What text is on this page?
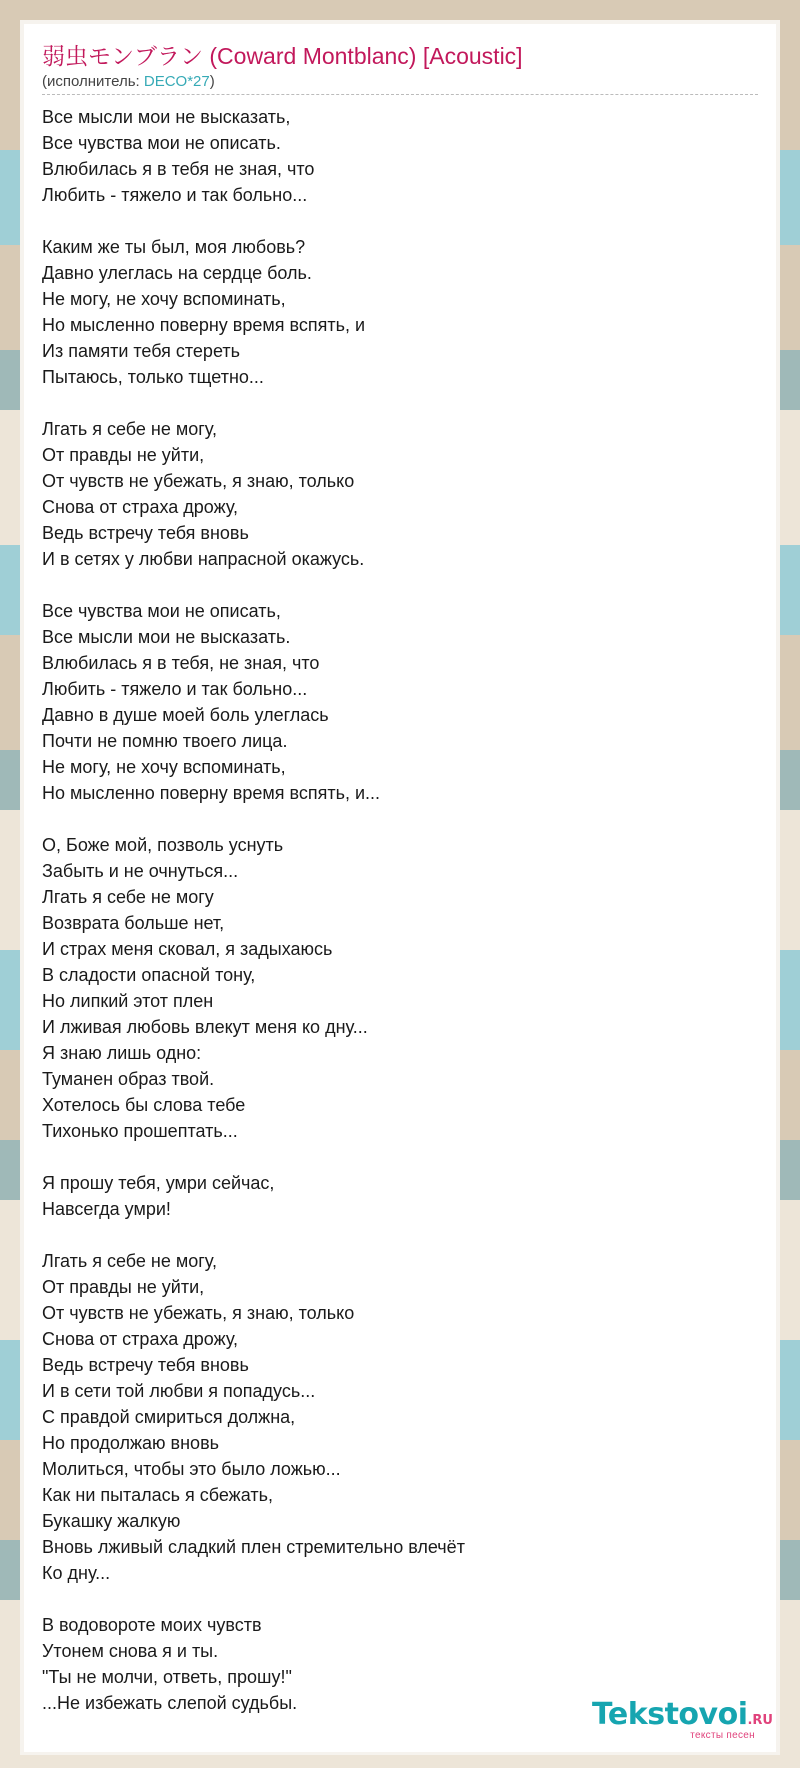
弱虫モンブラン (Coward Montblanc) [Acoustic]
(исполнитель: DECO*27)
Все мысли мои не высказать,
Все чувства мои не описать.
Влюбилась я в тебя не зная, что
Любить - тяжело и так больно...
Каким же ты был, моя любовь?
Давно улеглась на сердце боль.
Не могу, не хочу вспоминать,
Но мысленно поверну время вспять, и
Из памяти тебя стереть
Пытаюсь, только тщетно...
Лгать я себе не могу,
От правды не уйти,
От чувств не убежать, я знаю, только
Снова от страха дрожу,
Ведь встречу тебя вновь
И в сетях у любви напрасной окажусь.
Все чувства мои не описать,
Все мысли мои не высказать.
Влюбилась я в тебя, не зная, что
Любить - тяжело и так больно...
Давно в душе моей боль улеглась
Почти не помню твоего лица.
Не могу, не хочу вспоминать,
Но мысленно поверну время вспять, и...
О, Боже мой, позволь уснуть
Забыть и не очнуться...
Лгать я себе не могу
Возврата больше нет,
И страх меня сковал, я задыхаюсь
В сладости опасной тону,
Но липкий этот плен
И лживая любовь влекут меня ко дну...
Я знаю лишь одно:
Туманен образ твой.
Хотелось бы слова тебе
Тихонько прошептать...
Я прошу тебя, умри сейчас,
Навсегда умри!
Лгать я себе не могу,
От правды не уйти,
От чувств не убежать, я знаю, только
Снова от страха дрожу,
Ведь встречу тебя вновь
И в сети той любви я попадусь...
С правдой смириться должна,
Но продолжаю вновь
Молиться, чтобы это было ложью...
Как ни пыталась я сбежать,
Букашку жалкую
Вновь лживый сладкий плен стремительно влечёт
Ко дну...
В водовороте моих чувств
Утонем снова я и ты.
"Ты не молчи, ответь, прошу!"
...Не избежать слепой судьбы.	Tekstovoi.RU
тексты песен
